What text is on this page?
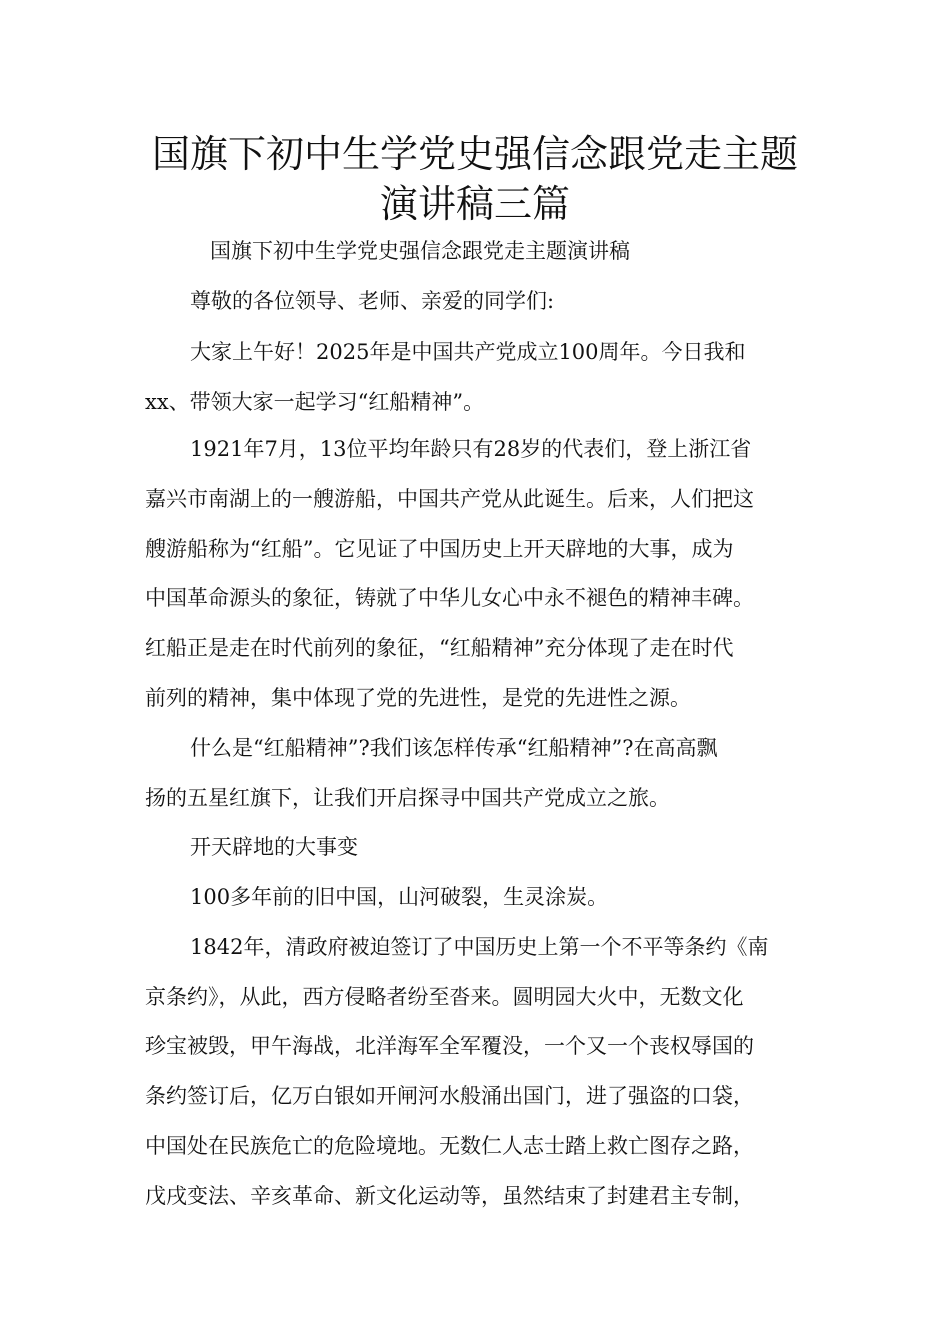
国旗下初中生学党史强信念跟党走主题
演讲稿三篇
国旗下初中生学党史强信念跟党走主题演讲稿
尊敬的各位领导、老师、亲爱的同学们:
大家上午好！2025年是中国共产党成立100周年。今日我和
xx、带领大家一起学习“红船精神”。
1921年7月，13位平均年龄只有28岁的代表们，登上浙江省
嘉兴市南湖上的一艘游船，中国共产党从此诞生。后来，人们把这
艘游船称为“红船”。它见证了中国历史上开天辟地的大事，成为
中国革命源头的象征，铸就了中华儿女心中永不褪色的精神丰碑。
红船正是走在时代前列的象征，“红船精神”充分体现了走在时代
前列的精神，集中体现了党的先进性，是党的先进性之源。
什么是“红船精神”?我们该怎样传承“红船精神”?在高高飘
扬的五星红旗下，让我们开启探寻中国共产党成立之旅。
开天辟地的大事变
100多年前的旧中国，山河破裂，生灵涂炭。
1842年，清政府被迫签订了中国历史上第一个不平等条约《南
京条约》，从此，西方侵略者纷至沓来。圆明园大火中，无数文化
珍宝被毁，甲午海战，北洋海军全军覆没，一个又一个丧权辱国的
条约签订后，亿万白银如开闸河水般涌出国门，进了强盗的口袋，
中国处在民族危亡的危险境地。无数仁人志士踏上救亡图存之路，
戊戌变法、辛亥革命、新文化运动等，虽然结束了封建君主专制，
